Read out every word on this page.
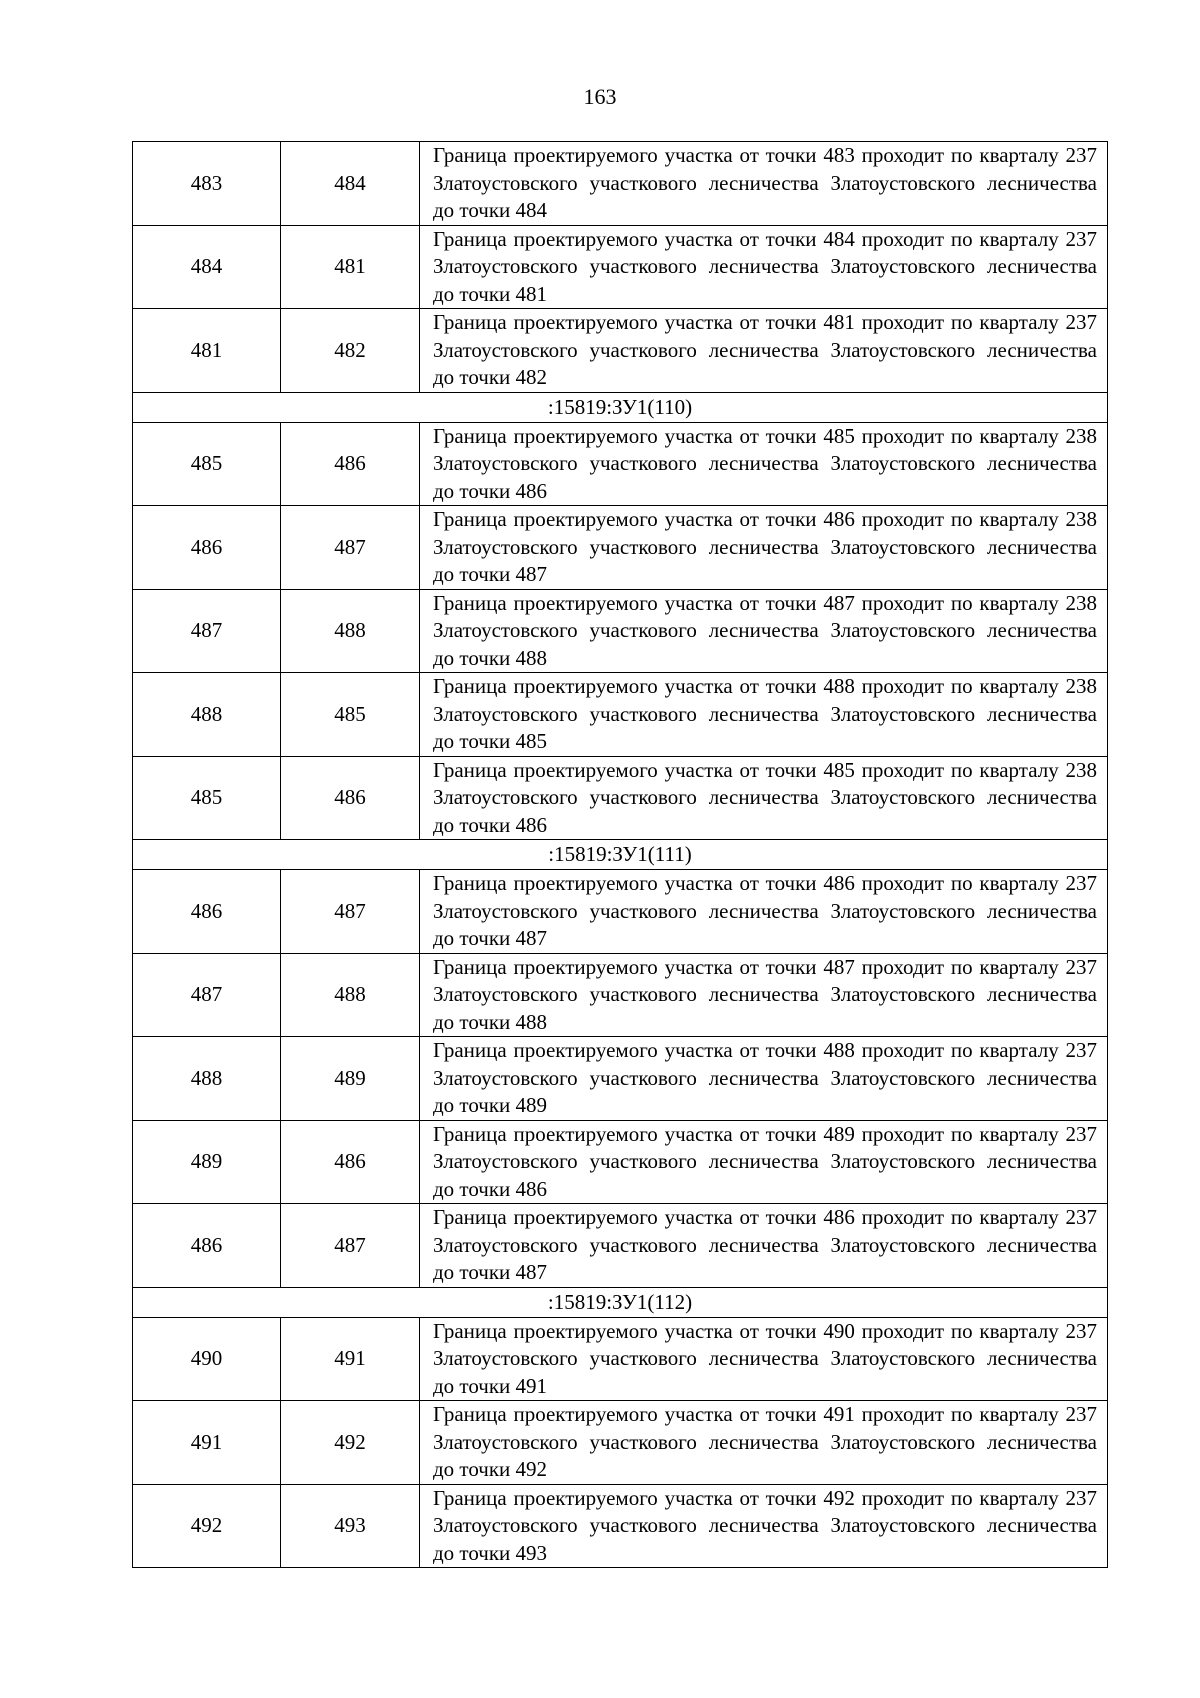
163
483	484	Граница проектируемого участка от точки 483 проходит по кварталу 237 Златоустовского участкового лесничества Златоустовского лесничества до точки 484
484	481	Граница проектируемого участка от точки 484 проходит по кварталу 237 Златоустовского участкового лесничества Златоустовского лесничества до точки 481
481	482	Граница проектируемого участка от точки 481 проходит по кварталу 237 Златоустовского участкового лесничества Златоустовского лесничества до точки 482
:15819:ЗУ1(110)		
485	486	Граница проектируемого участка от точки 485 проходит по кварталу 238 Златоустовского участкового лесничества Златоустовского лесничества до точки 486
486	487	Граница проектируемого участка от точки 486 проходит по кварталу 238 Златоустовского участкового лесничества Златоустовского лесничества до точки 487
487	488	Граница проектируемого участка от точки 487 проходит по кварталу 238 Златоустовского участкового лесничества Златоустовского лесничества до точки 488
488	485	Граница проектируемого участка от точки 488 проходит по кварталу 238 Златоустовского участкового лесничества Златоустовского лесничества до точки 485
485	486	Граница проектируемого участка от точки 485 проходит по кварталу 238 Златоустовского участкового лесничества Златоустовского лесничества до точки 486
:15819:ЗУ1(111)		
486	487	Граница проектируемого участка от точки 486 проходит по кварталу 237 Златоустовского участкового лесничества Златоустовского лесничества до точки 487
487	488	Граница проектируемого участка от точки 487 проходит по кварталу 237 Златоустовского участкового лесничества Златоустовского лесничества до точки 488
488	489	Граница проектируемого участка от точки 488 проходит по кварталу 237 Златоустовского участкового лесничества Златоустовского лесничества до точки 489
489	486	Граница проектируемого участка от точки 489 проходит по кварталу 237 Златоустовского участкового лесничества Златоустовского лесничества до точки 486
486	487	Граница проектируемого участка от точки 486 проходит по кварталу 237 Златоустовского участкового лесничества Златоустовского лесничества до точки 487
:15819:ЗУ1(112)		
490	491	Граница проектируемого участка от точки 490 проходит по кварталу 237 Златоустовского участкового лесничества Златоустовского лесничества до точки 491
491	492	Граница проектируемого участка от точки 491 проходит по кварталу 237 Златоустовского участкового лесничества Златоустовского лесничества до точки 492
492	493	Граница проектируемого участка от точки 492 проходит по кварталу 237 Златоустовского участкового лесничества Златоустовского лесничества до точки 493
